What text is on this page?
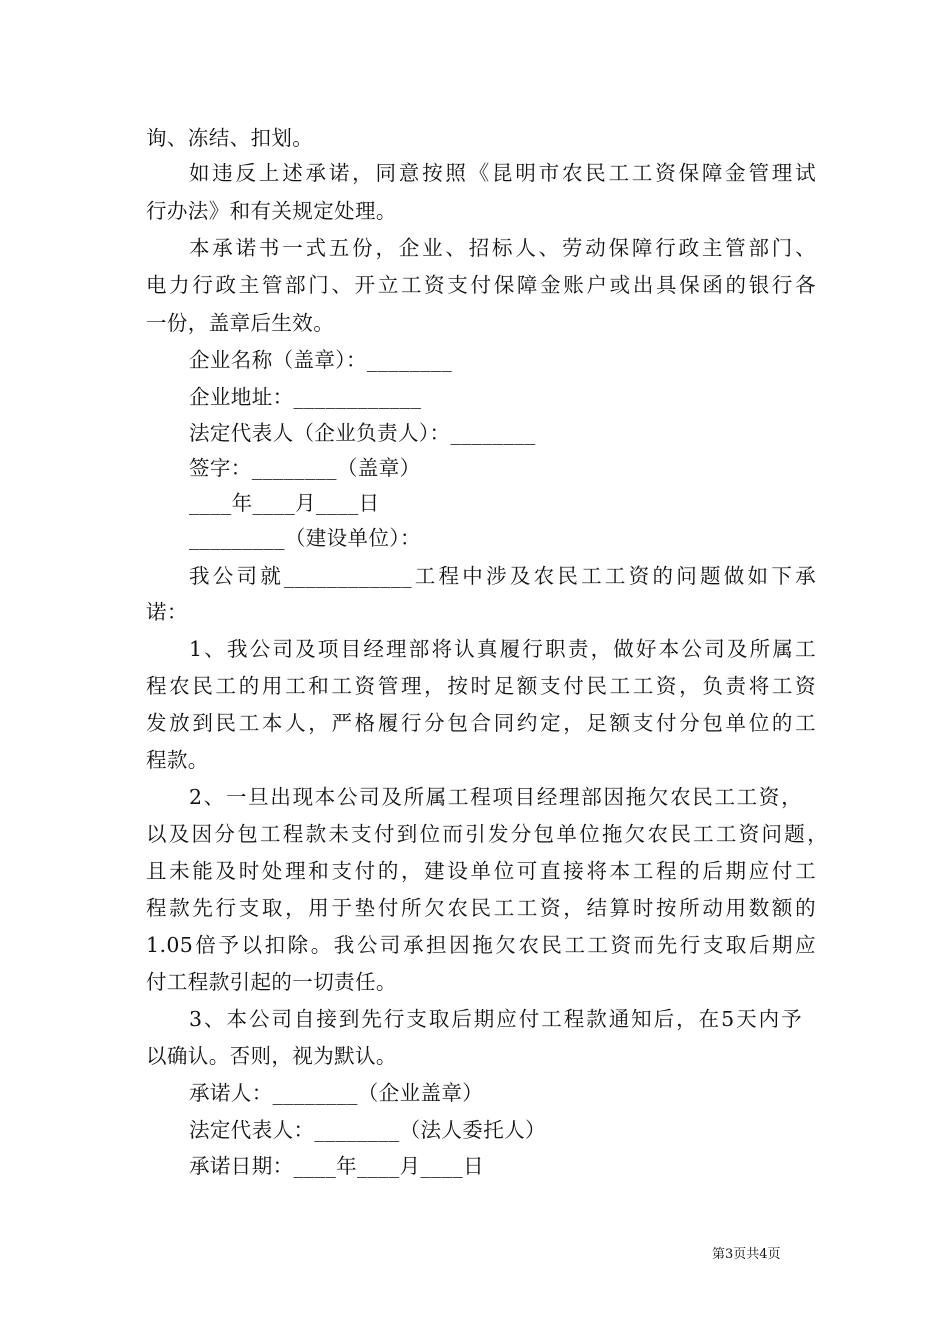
询、冻结、扣划。
如违反上述承诺，同意按照《昆明市农民工工资保障金管理试
行办法》和有关规定处理。
本承诺书一式五份，企业、招标人、劳动保障行政主管部门、
电力行政主管部门、开立工资支付保障金账户或出具保函的银行各
一份，盖章后生效。
企业名称（盖章）：________
企业地址：____________
法定代表人（企业负责人）：________
签字：________（盖章）
____年____月____日
_________（建设单位）：
我公司就____________工程中涉及农民工工资的问题做如下承
诺：
1、我公司及项目经理部将认真履行职责，做好本公司及所属工
程农民工的用工和工资管理，按时足额支付民工工资，负责将工资
发放到民工本人，严格履行分包合同约定，足额支付分包单位的工
程款。
2、一旦出现本公司及所属工程项目经理部因拖欠农民工工资，
以及因分包工程款未支付到位而引发分包单位拖欠农民工工资问题，
且未能及时处理和支付的，建设单位可直接将本工程的后期应付工
程款先行支取，用于垫付所欠农民工工资，结算时按所动用数额的
1.05倍予以扣除。我公司承担因拖欠农民工工资而先行支取后期应
付工程款引起的一切责任。
3、本公司自接到先行支取后期应付工程款通知后，在5天内予
以确认。否则，视为默认。
承诺人：________（企业盖章）
法定代表人：________（法人委托人）
承诺日期：____年____月____日
第3页共4页
